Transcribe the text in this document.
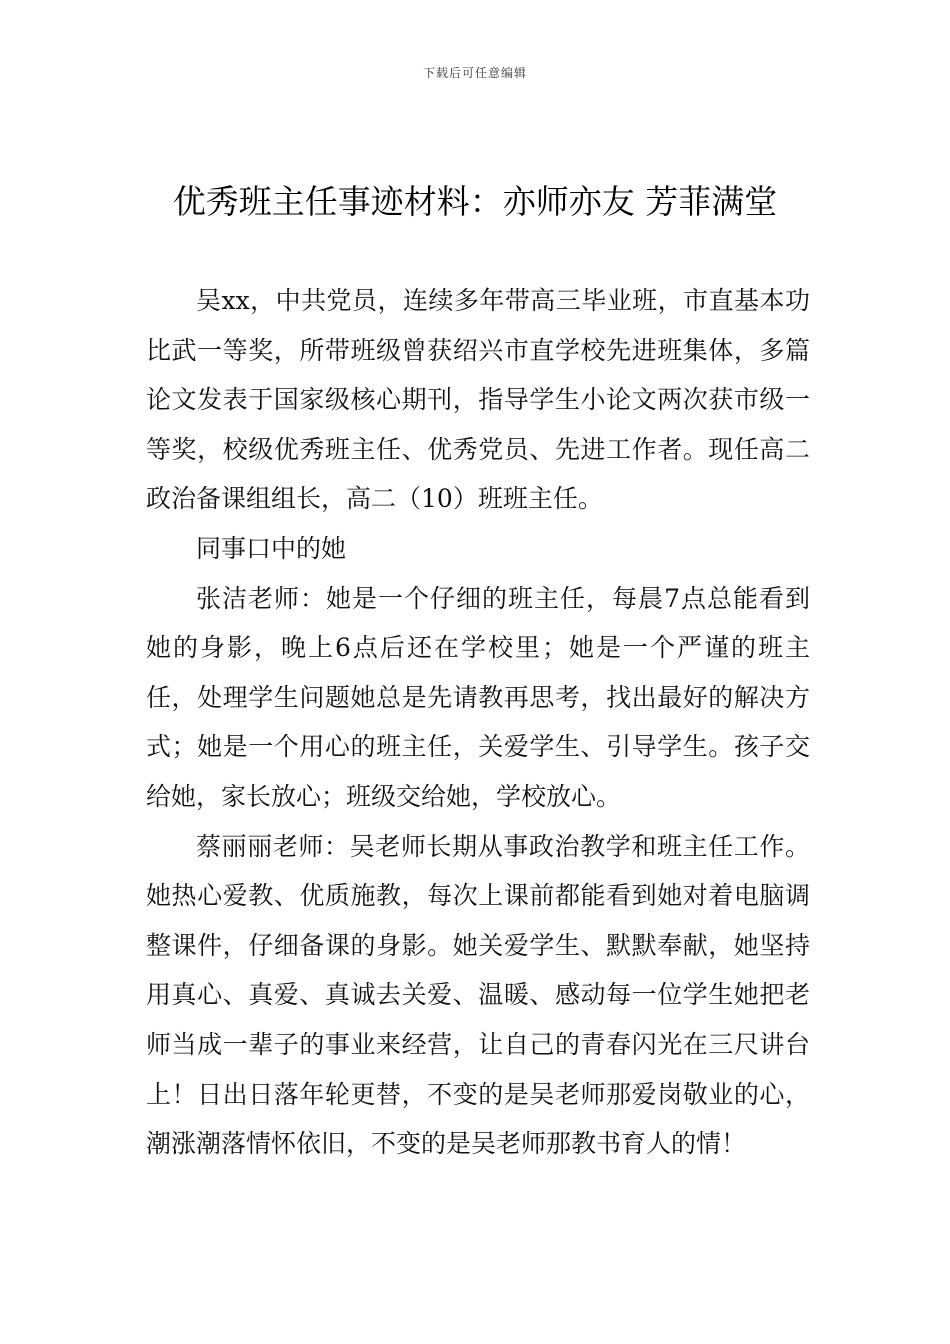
下载后可任意编辑
优秀班主任事迹材料：亦师亦友 芳菲满堂

吴xx，中共党员，连续多年带高三毕业班，市直基本功比武一等奖，所带班级曾获绍兴市直学校先进班集体，多篇论文发表于国家级核心期刊，指导学生小论文两次获市级一等奖，校级优秀班主任、优秀党员、先进工作者。现任高二政治备课组组长，高二（10）班班主任。

同事口中的她

张洁老师：她是一个仔细的班主任，每晨7点总能看到她的身影，晚上6点后还在学校里；她是一个严谨的班主任，处理学生问题她总是先请教再思考，找出最好的解决方式；她是一个用心的班主任，关爱学生、引导学生。孩子交给她，家长放心；班级交给她，学校放心。

蔡丽丽老师：吴老师长期从事政治教学和班主任工作。她热心爱教、优质施教，每次上课前都能看到她对着电脑调整课件，仔细备课的身影。她关爱学生、默默奉献，她坚持用真心、真爱、真诚去关爱、温暖、感动每一位学生她把老师当成一辈子的事业来经营，让自己的青春闪光在三尺讲台上！日出日落年轮更替，不变的是吴老师那爱岗敬业的心，潮涨潮落情怀依旧，不变的是吴老师那教书育人的情！
